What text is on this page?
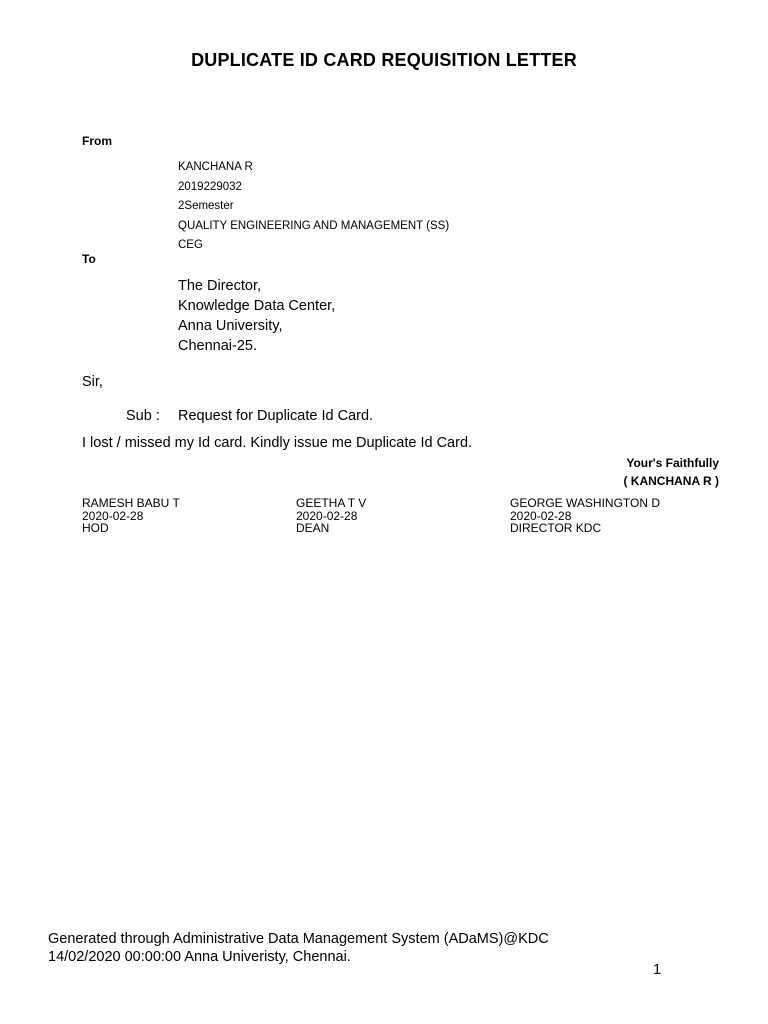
DUPLICATE ID CARD REQUISITION LETTER
From
KANCHANA R
2019229032
2Semester
QUALITY ENGINEERING AND MANAGEMENT (SS)
CEG
To
The Director,
Knowledge Data Center,
Anna University,
Chennai-25.
Sir,
Sub : Request for Duplicate Id Card.
I lost / missed my Id card. Kindly issue me Duplicate Id Card.
Your's Faithfully
( KANCHANA R )
RAMESH BABU T
2020-02-28
HOD
GEETHA T V
2020-02-28
DEAN
GEORGE WASHINGTON D
2020-02-28
DIRECTOR KDC
Generated through Administrative Data Management System (ADaMS)@KDC
14/02/2020 00:00:00 Anna Univeristy, Chennai.
1
